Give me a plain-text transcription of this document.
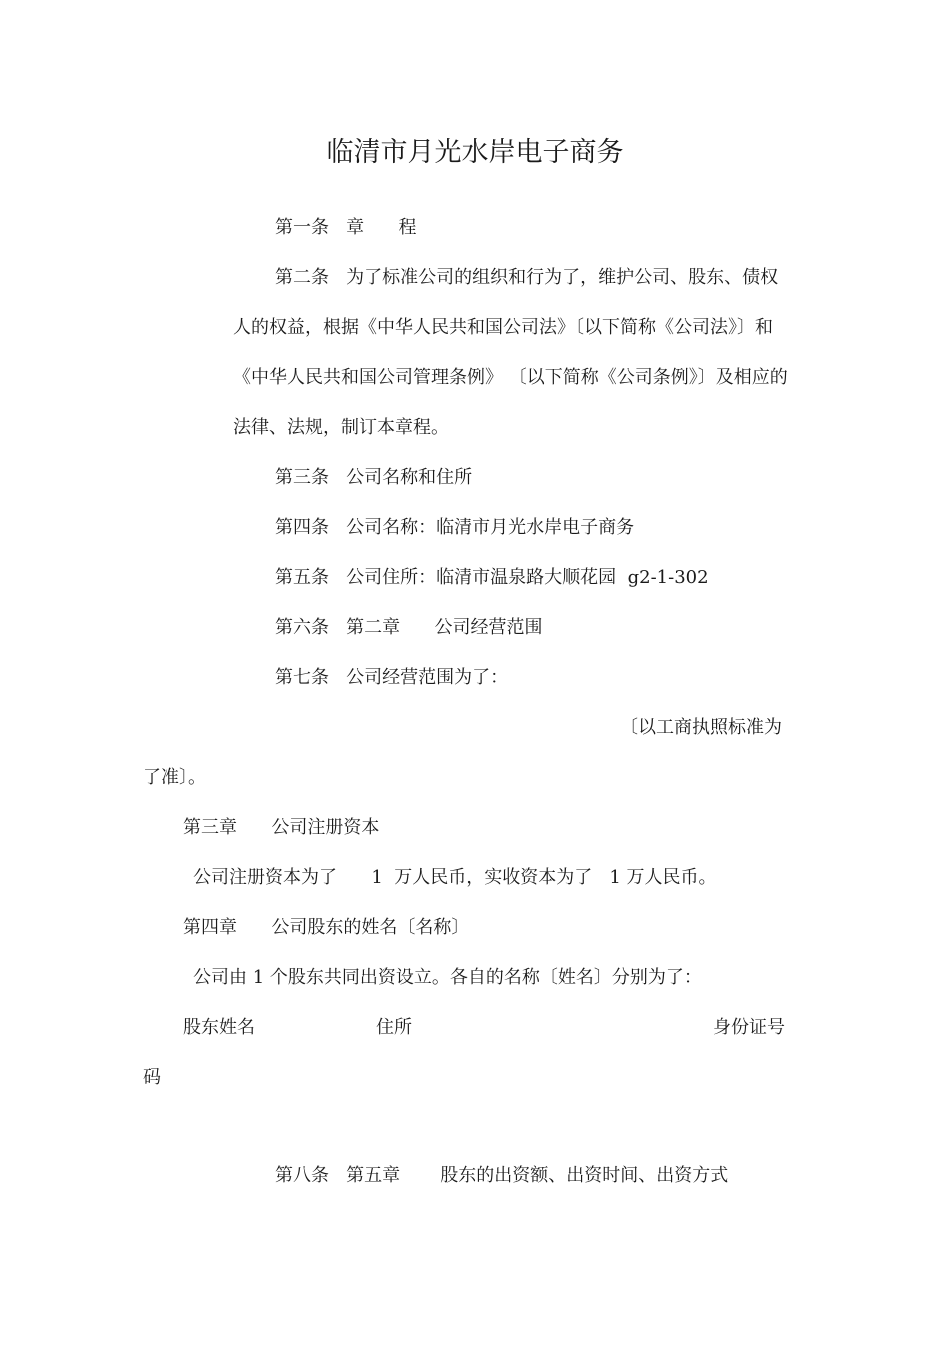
临清市月光水岸电子商务
第一条   章      程
第二条   为了标准公司的组织和行为了，维护公司、股东、债权
人的权益，根据《中华人民共和国公司法》〔以下简称《公司法》〕和
《中华人民共和国公司管理条例》 〔以下简称《公司条例》〕及相应的
法律、法规，制订本章程。
第三条   公司名称和住所
第四条   公司名称：临清市月光水岸电子商务
第五条   公司住所：临清市温泉路大顺花园  g2-1-302
第六条   第二章      公司经营范围
第七条   公司经营范围为了：
〔以工商执照标准为
了准〕。
第三章      公司注册资本
公司注册资本为了      1  万人民币，实收资本为了   1 万人民币。
第四章      公司股东的姓名〔名称〕
公司由 1 个股东共同出资设立。各自的名称〔姓名〕分别为了：
股东姓名	住所	身份证号
码
第八条   第五章       股东的出资额、出资时间、出资方式
